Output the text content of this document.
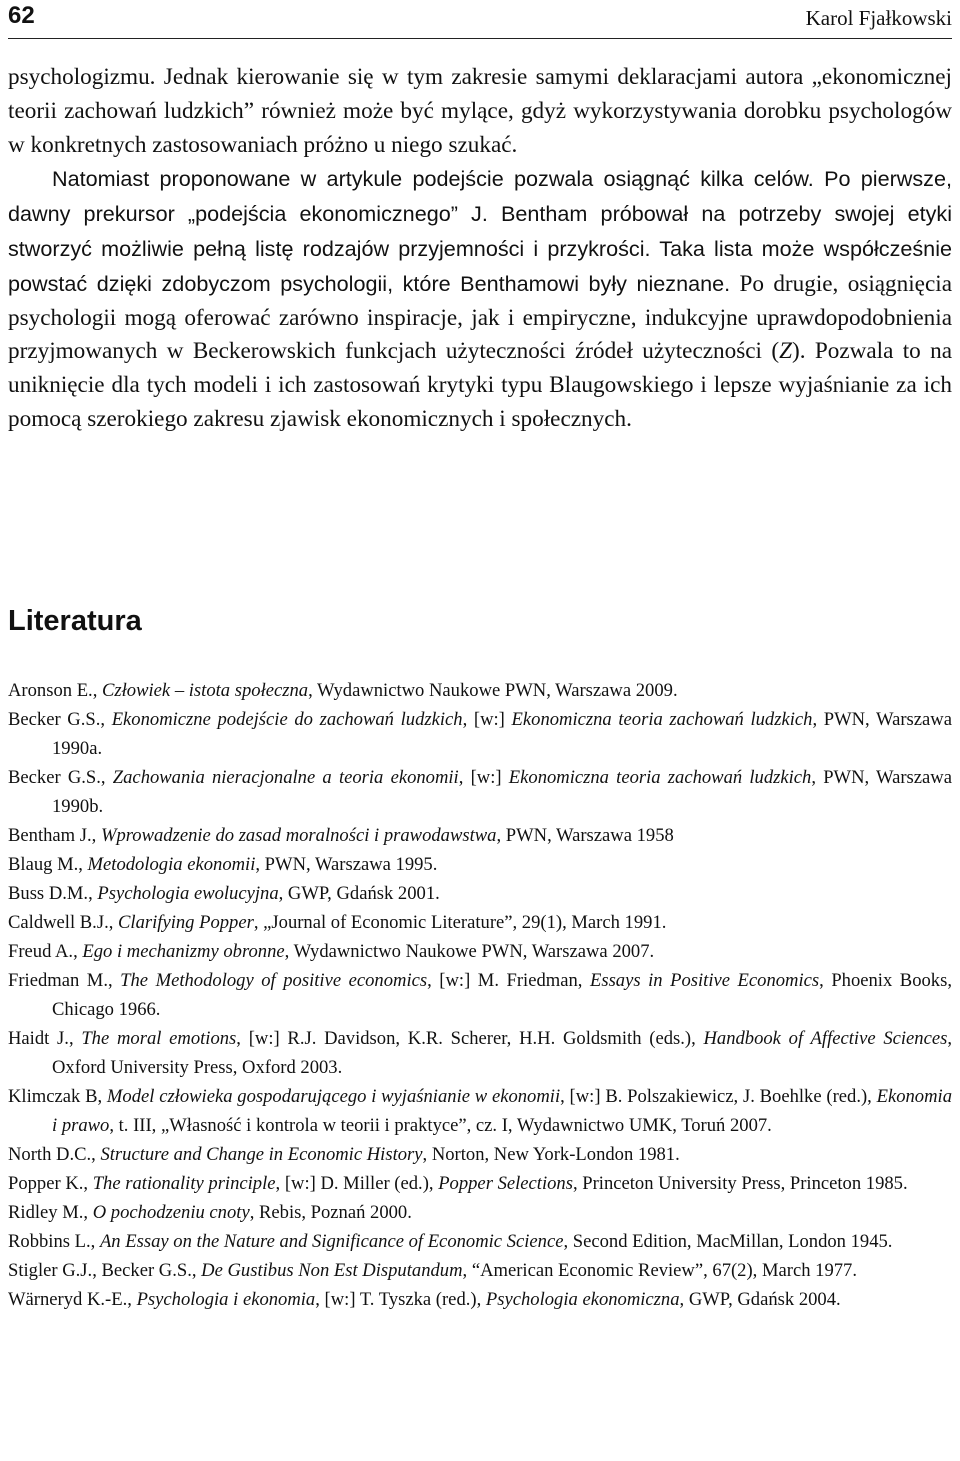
62	Karol Fjałkowski

psychologizmu. Jednak kierowanie się w tym zakresie samymi deklaracjami autora „ekonomicznej teorii zachowań ludzkich” również może być mylące, gdyż wykorzystywania dorobku psychologów w konkretnych zastosowaniach próżno u niego szukać.

Natomiast proponowane w artykule podejście pozwala osiągnąć kilka celów. Po pierwsze, dawny prekursor „podejścia ekonomicznego” J. Bentham próbował na potrzeby swojej etyki stworzyć możliwie pełną listę rodzajów przyjemności i przykrości. Taka lista może współcześnie powstać dzięki zdobyczom psychologii, które Benthamowi były nieznane. Po drugie, osiągnięcia psychologii mogą oferować zarówno inspiracje, jak i empiryczne, indukcyjne uprawdopodobnienia przyjmowanych w Beckerowskich funkcjach użyteczności źródeł użyteczności (Z). Pozwala to na uniknięcie dla tych modeli i ich zastosowań krytyki typu Blaugowskiego i lepsze wyjaśnianie za ich pomocą szerokiego zakresu zjawisk ekonomicznych i społecznych.

Literatura

Aronson E., Człowiek – istota społeczna, Wydawnictwo Naukowe PWN, Warszawa 2009.

Becker G.S., Ekonomiczne podejście do zachowań ludzkich, [w:] Ekonomiczna teoria zachowań ludzkich, PWN, Warszawa 1990a.

Becker G.S., Zachowania nieracjonalne a teoria ekonomii, [w:] Ekonomiczna teoria zachowań ludzkich, PWN, Warszawa 1990b.

Bentham J., Wprowadzenie do zasad moralności i prawodawstwa, PWN, Warszawa 1958

Blaug M., Metodologia ekonomii, PWN, Warszawa 1995.

Buss D.M., Psychologia ewolucyjna, GWP, Gdańsk 2001.

Caldwell B.J., Clarifying Popper, „Journal of Economic Literature”, 29(1), March 1991.

Freud A., Ego i mechanizmy obronne, Wydawnictwo Naukowe PWN, Warszawa 2007.

Friedman M., The Methodology of positive economics, [w:] M. Friedman, Essays in Positive Economics, Phoenix Books, Chicago 1966.

Haidt J., The moral emotions, [w:] R.J. Davidson, K.R. Scherer, H.H. Goldsmith (eds.), Handbook of Affective Sciences, Oxford University Press, Oxford 2003.

Klimczak B, Model człowieka gospodarującego i wyjaśnianie w ekonomii, [w:] B. Polszakiewicz, J. Boehlke (red.), Ekonomia i prawo, t. III, „Własność i kontrola w teorii i praktyce”, cz. I, Wydawnictwo UMK, Toruń 2007.

North D.C., Structure and Change in Economic History, Norton, New York-London 1981.

Popper K., The rationality principle, [w:] D. Miller (ed.), Popper Selections, Princeton University Press, Princeton 1985.

Ridley M., O pochodzeniu cnoty, Rebis, Poznań 2000.

Robbins L., An Essay on the Nature and Significance of Economic Science, Second Edition, MacMillan, London 1945.

Stigler G.J., Becker G.S., De Gustibus Non Est Disputandum, “American Economic Review”, 67(2), March 1977.

Wärneryd K.-E., Psychologia i ekonomia, [w:] T. Tyszka (red.), Psychologia ekonomiczna, GWP, Gdańsk 2004.
